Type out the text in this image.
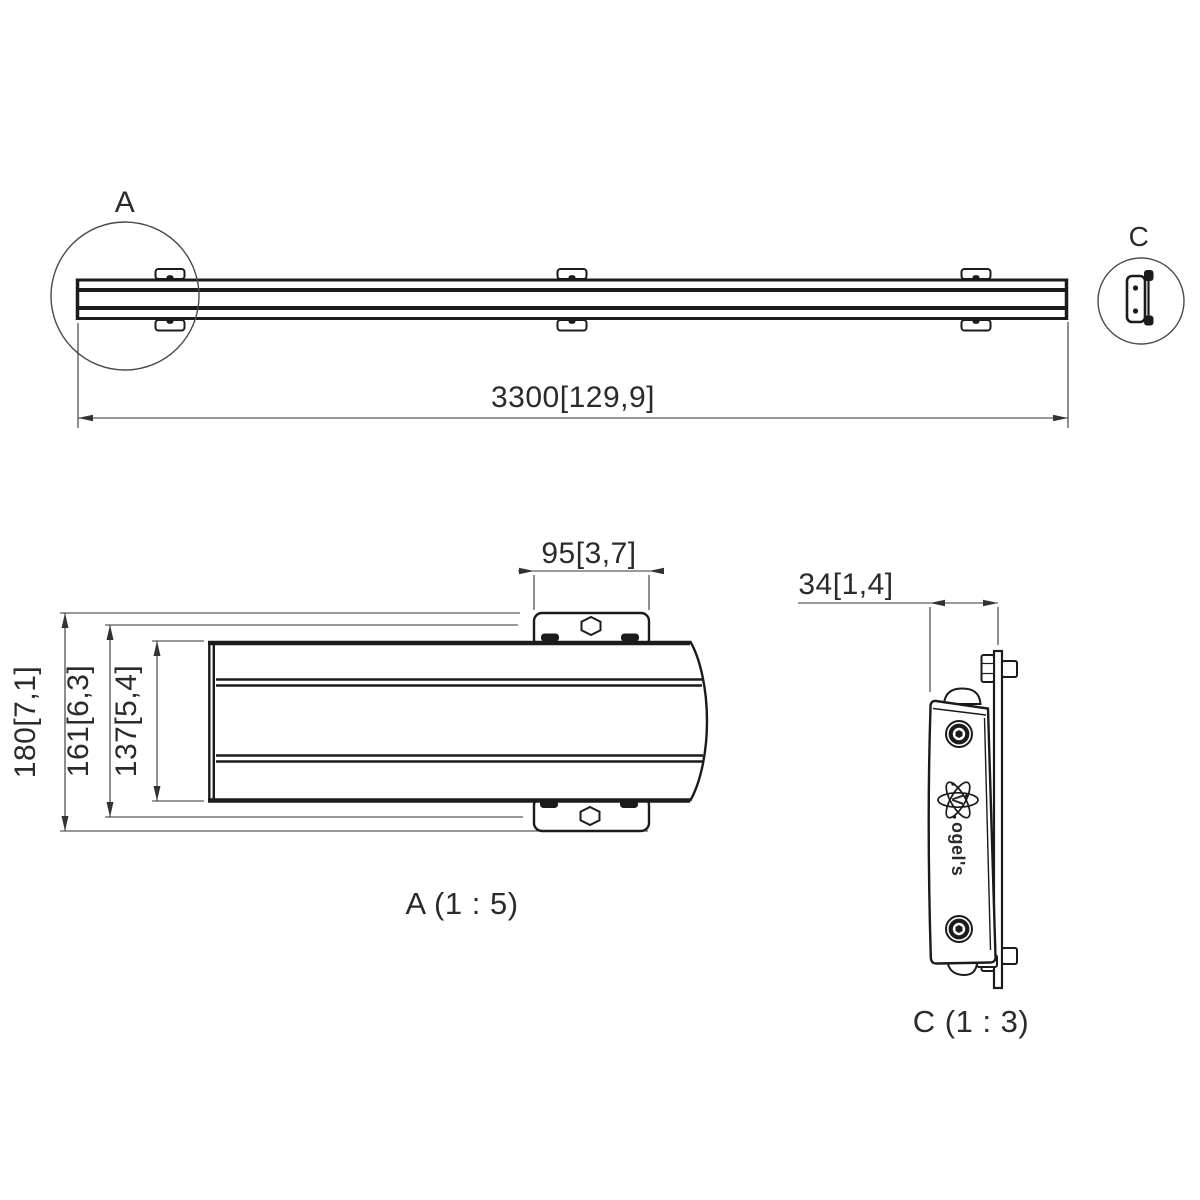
A
C
3300[129,9]
180[7,1] 161[6,3] 137[5,4]
95[3,7]
A (1 : 5)
34[1,4]
V
ogel's
C (1 : 3)
